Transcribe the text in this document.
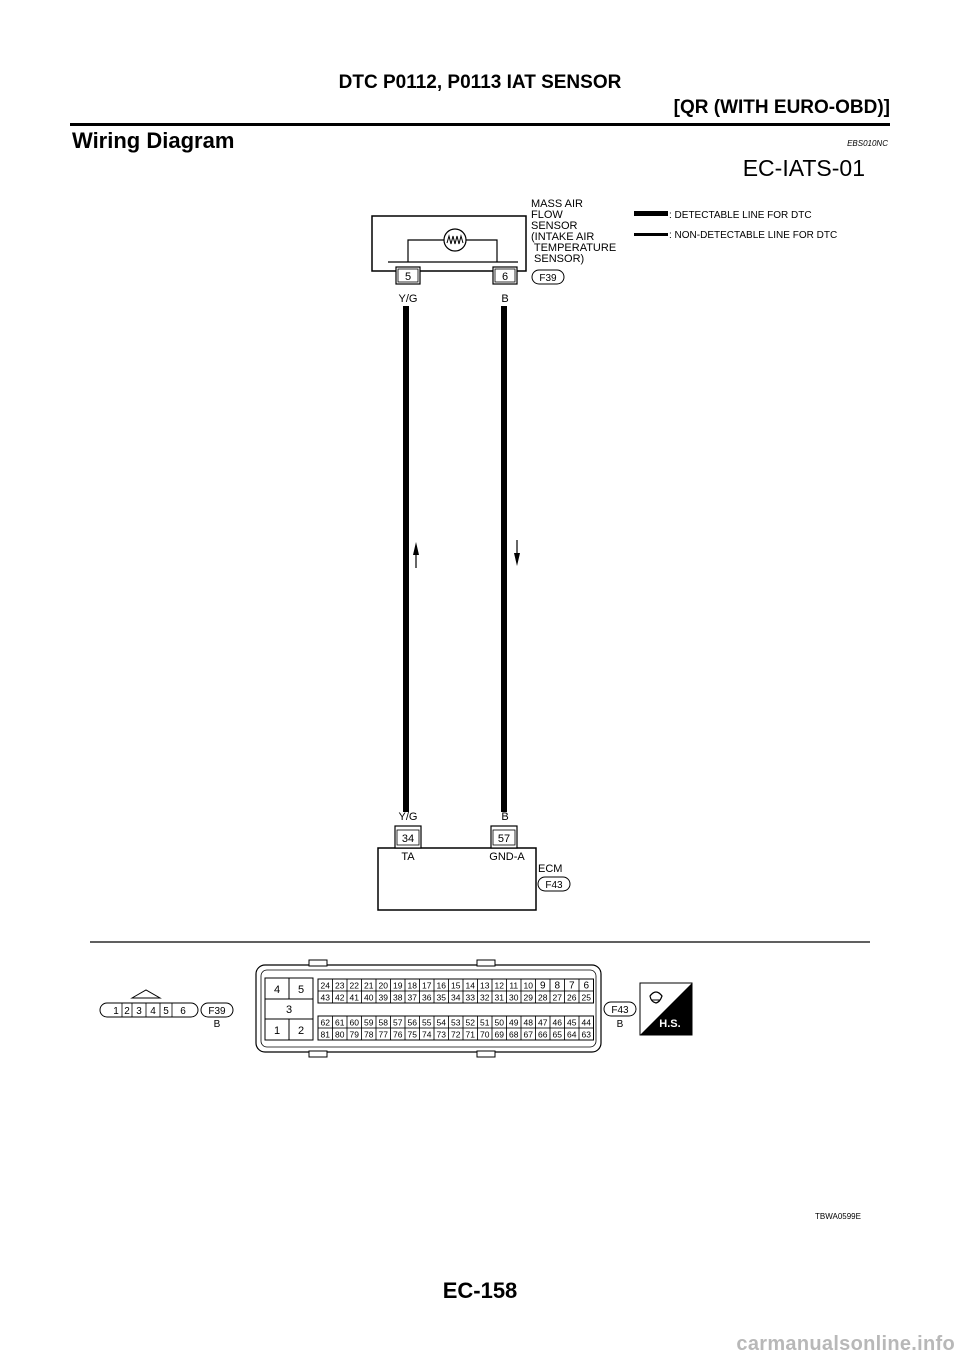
DTC P0112, P0113 IAT SENSOR
[QR (WITH EURO-OBD)]
Wiring Diagram	EBS010NC
EC-IATS-01
5	6
MASS AIR
FLOW
SENSOR
(INTAKE AIR
TEMPERATURE
SENSOR)
F39
: DETECTABLE LINE FOR DTC
: NON-DETECTABLE LINE FOR DTC
Y/G	B
Y/G	B
34	57
TA	GND-A
ECM
F43
1 2 3 4 5 6 F39
B
4 5
3
1 2
24 23 22 21 20 19 18 17 16 15 14 13 12 11 10 9 8 7 6
43 42 41 40 39 38 37 36 35 34 33 32 31 30 29 28 27 26 25
62 61 60 59 58 57 56 55 54 53 52 51 50 49 48 47 46 45 44
81 80 79 78 77 76 75 74 73 72 71 70 69 68 67 66 65 64 63
F43
B	H.S.
TBWA0599E
EC-158
carmanualsonline.info
